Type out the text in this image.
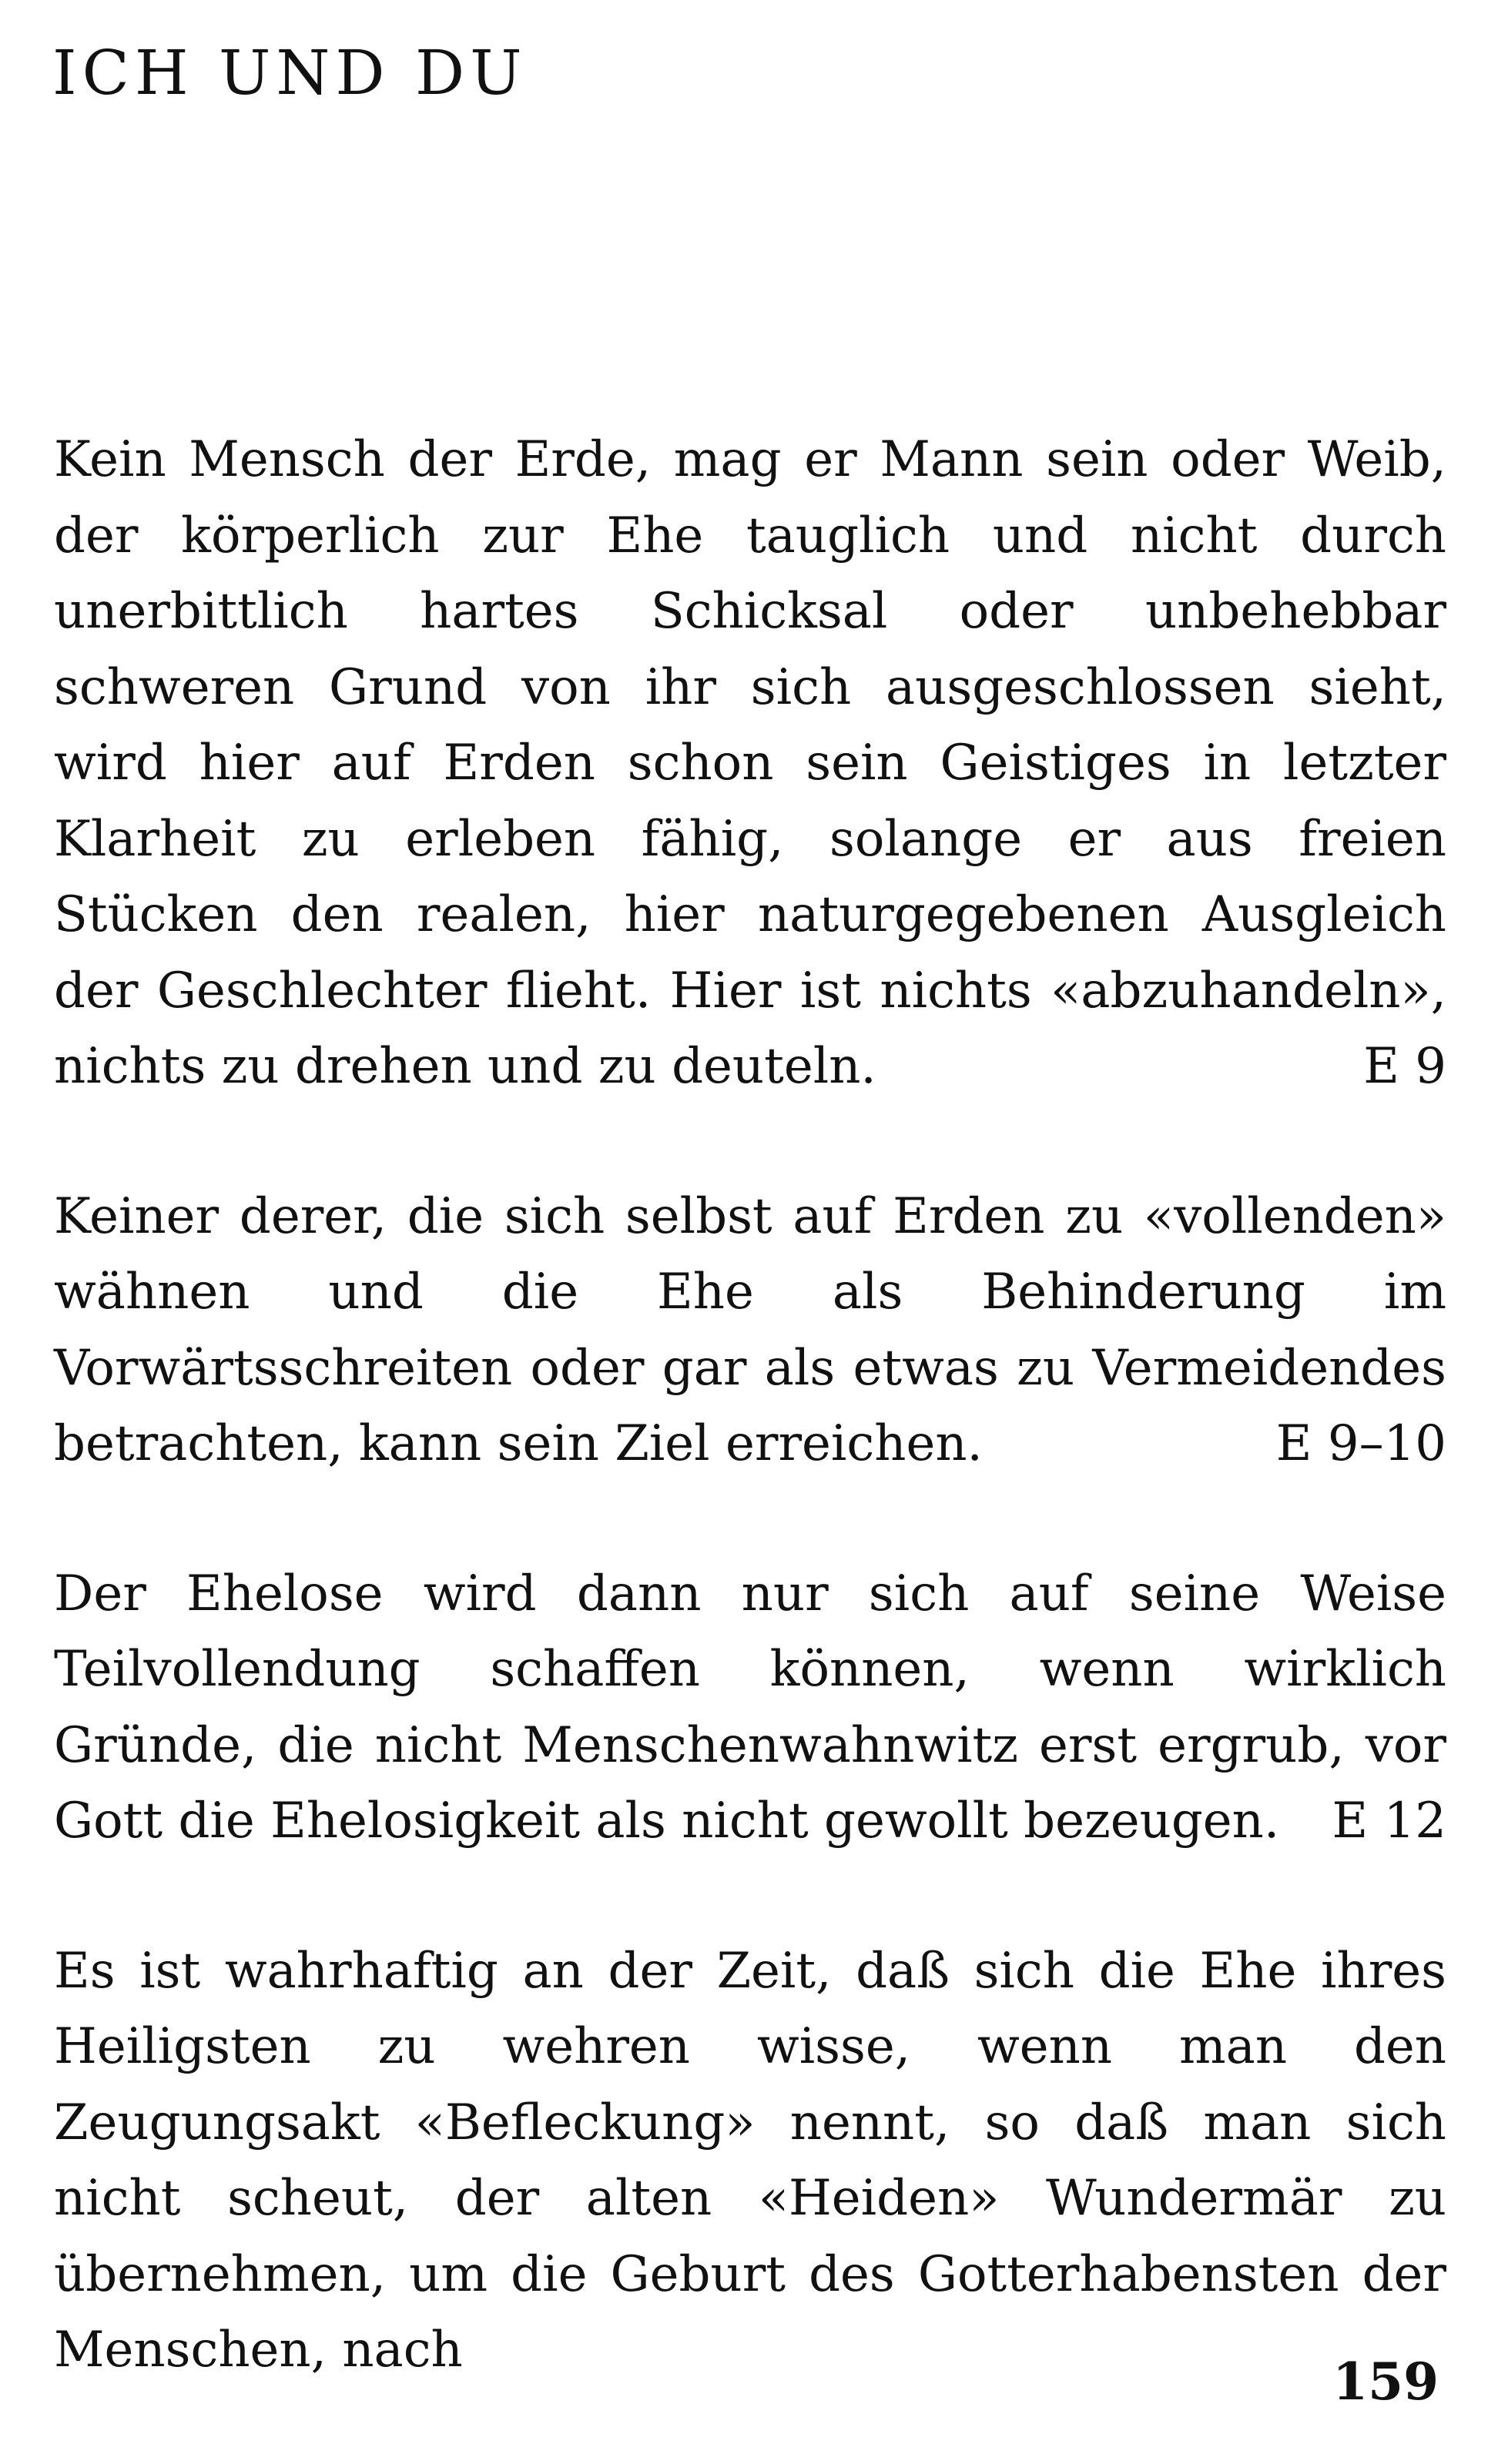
ICH UND DU

Kein Mensch der Erde, mag er Mann sein oder Weib, der körperlich zur Ehe tauglich und nicht durch unerbittlich hartes Schicksal oder unbehebbar schweren Grund von ihr sich ausgeschlossen sieht, wird hier auf Erden schon sein Geistiges in letzter Klarheit zu erleben fähig, solange er aus freien Stücken den realen, hier naturgegebenen Ausgleich der Geschlechter flieht. Hier ist nichts «abzuhandeln», nichts zu drehen und zu deuteln.	E 9

Keiner derer, die sich selbst auf Erden zu «vollenden» wähnen und die Ehe als Behinderung im Vorwärtsschreiten oder gar als etwas zu Vermeidendes betrachten, kann sein Ziel erreichen.	E 9–10

Der Ehelose wird dann nur sich auf seine Weise Teilvollendung schaffen können, wenn wirklich Gründe, die nicht Menschenwahnwitz erst ergrub, vor Gott die Ehelosigkeit als nicht gewollt bezeugen. E 12

Es ist wahrhaftig an der Zeit, daß sich die Ehe ihres Heiligsten zu wehren wisse, wenn man den Zeugungsakt «Befleckung» nennt, so daß man sich nicht scheut, der alten «Heiden» Wundermär zu übernehmen, um die Geburt des Gotterhabensten der Menschen, nach

159
